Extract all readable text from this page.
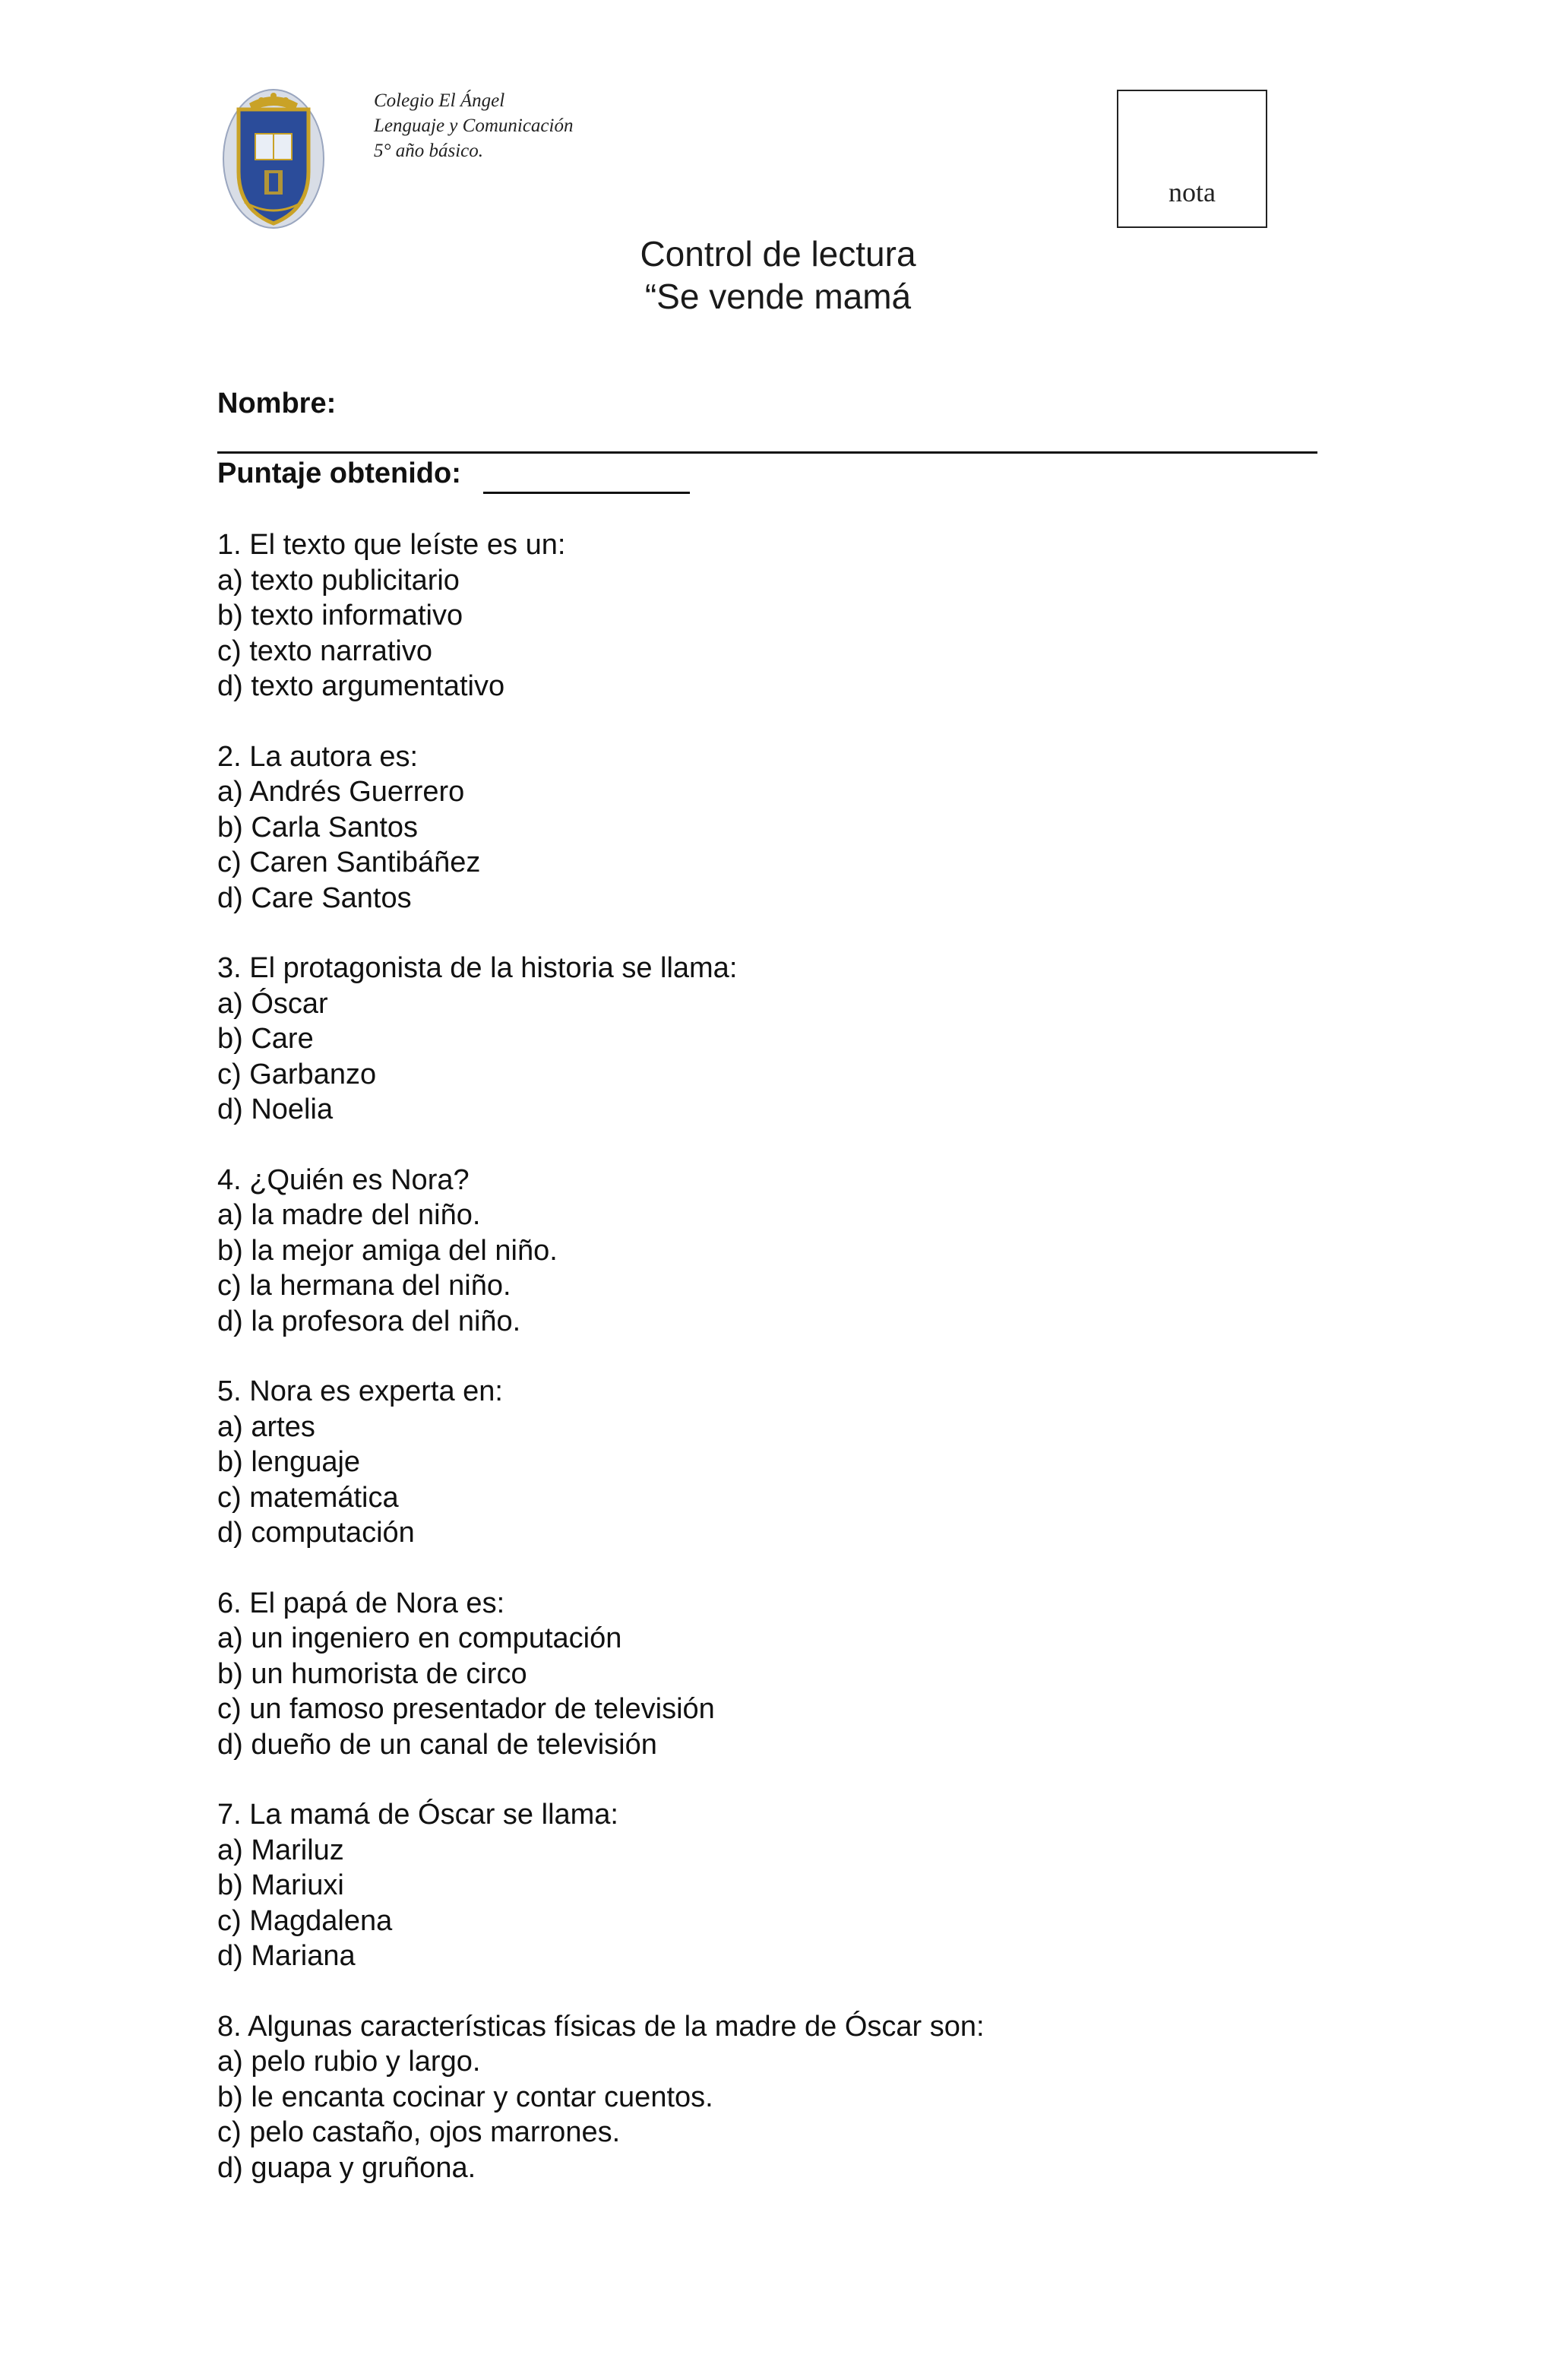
Colegio El Ángel
Lenguaje y Comunicación
5° año básico.
nota
Control de lectura
“Se vende mamá
Nombre:
Puntaje obtenido:
1. El texto que leíste es un:
a) texto publicitario
b) texto informativo
c) texto narrativo
d) texto argumentativo
2. La autora es:
a) Andrés Guerrero
b) Carla Santos
c) Caren Santibáñez
d) Care Santos
3. El protagonista de la historia se llama:
a) Óscar
b) Care
c) Garbanzo
d) Noelia
4. ¿Quién es Nora?
a) la madre del niño.
b) la mejor amiga del niño.
c) la hermana del niño.
d) la profesora del niño.
5. Nora es experta en:
a) artes
b) lenguaje
c) matemática
d) computación
6. El papá de Nora es:
a) un ingeniero en computación
b) un humorista de circo
c) un famoso presentador de televisión
d) dueño de un canal de televisión
7. La mamá de Óscar se llama:
a) Mariluz
b) Mariuxi
c) Magdalena
d) Mariana
8. Algunas características físicas de la madre de Óscar son:
a) pelo rubio y largo.
b) le encanta cocinar y contar cuentos.
c) pelo castaño, ojos marrones.
d) guapa y gruñona.
